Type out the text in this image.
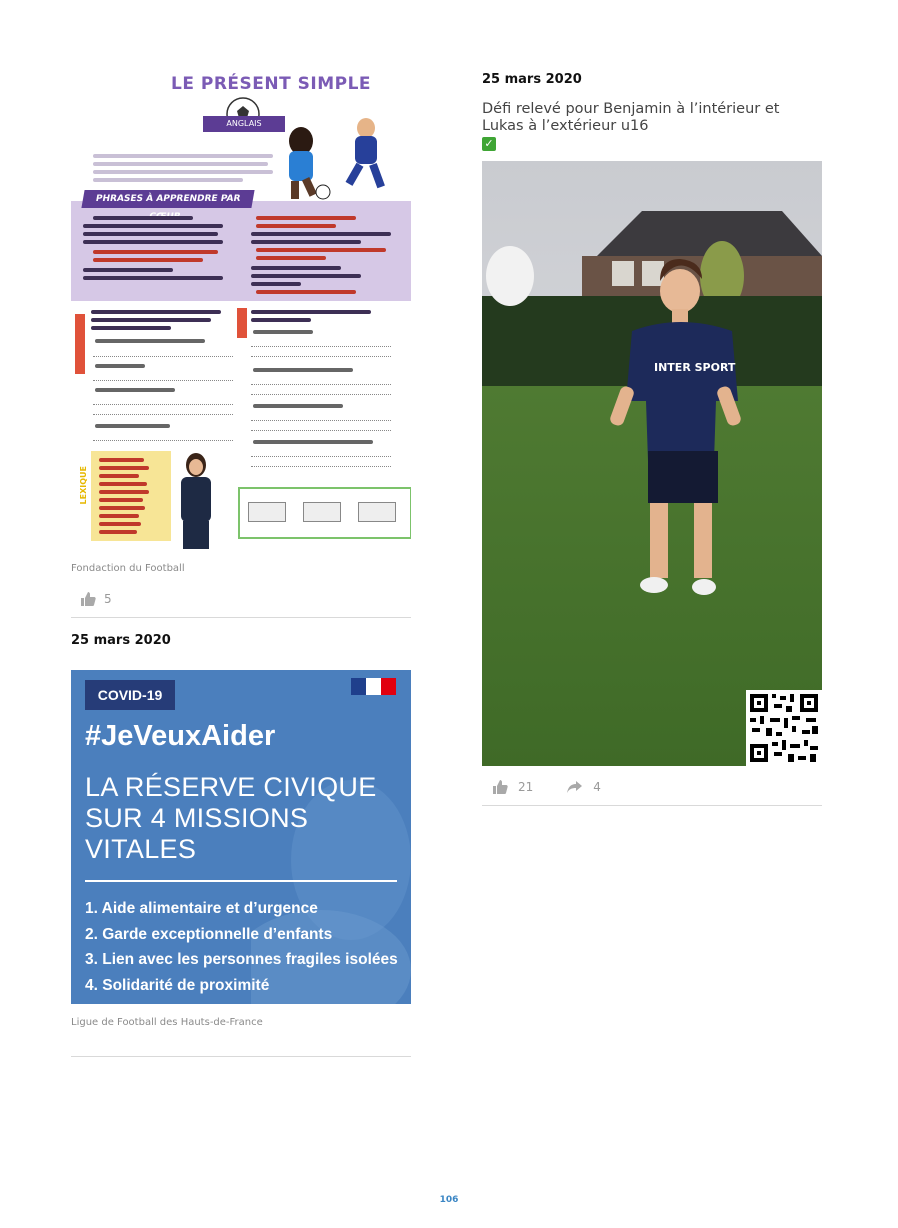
LE PRÉSENT SIMPLE
ANGLAIS
PHRASES À APPRENDRE PAR
LEXIQUE
Fondaction du Football
5
25 mars 2020
COVID-19
#JeVeuxAider
LA RÉSERVE CIVIQUE
SUR 4 MISSIONS
VITALES
1. Aide alimentaire et d’urgence
2. Garde exceptionnelle d’enfants
3. Lien avec les personnes fragiles isolées
4. Solidarité de proximité
Ligue de Football des Hauts-de-France
25 mars 2020
Défi relevé pour Benjamin à l’intérieur et Lukas à l’extérieur u16
✓
INTER SPORT
21	4
106
